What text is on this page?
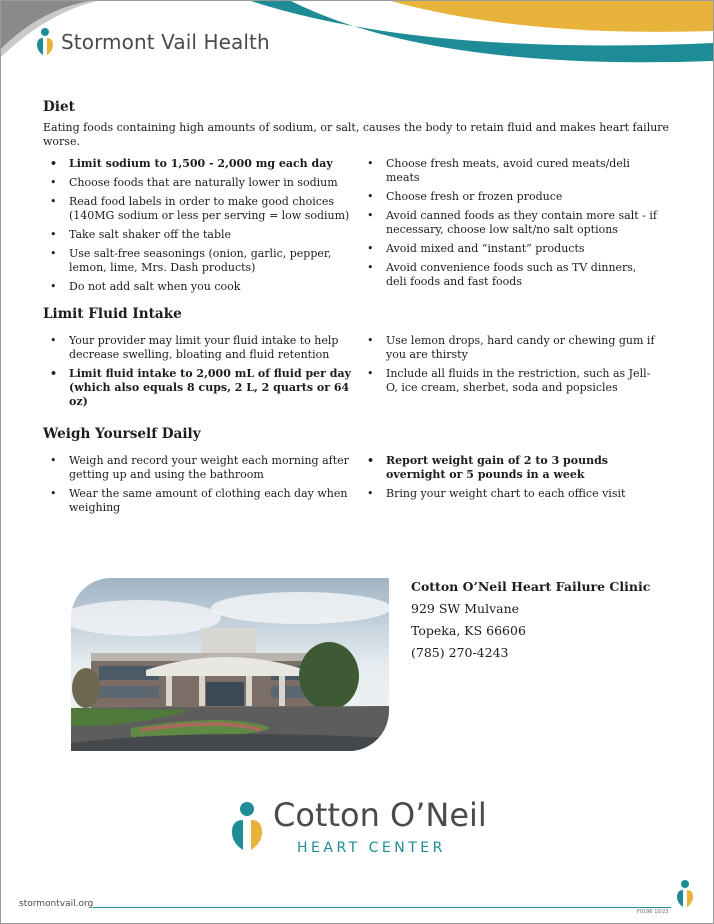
Stormont Vail Health
Diet

Eating foods containing high amounts of sodium, or salt, causes the body to retain fluid and makes heart failure worse.

• Limit sodium to 1,500 - 2,000 mg each day
• Choose foods that are naturally lower in sodium
• Read food labels in order to make good choices (140MG sodium or less per serving = low sodium)
• Take salt shaker off the table
• Use salt-free seasonings (onion, garlic, pepper, lemon, lime, Mrs. Dash products)
• Do not add salt when you cook
• Choose fresh meats, avoid cured meats/deli meats
• Choose fresh or frozen produce
• Avoid canned foods as they contain more salt - if necessary, choose low salt/no salt options
• Avoid mixed and “instant” products
• Avoid convenience foods such as TV dinners, deli foods and fast foods
Limit Fluid Intake
• Your provider may limit your fluid intake to help decrease swelling, bloating and fluid retention
• Limit fluid intake to 2,000 mL of fluid per day (which also equals 8 cups, 2 L, 2 quarts or 64 oz)
• Use lemon drops, hard candy or chewing gum if you are thirsty
• Include all fluids in the restriction, such as Jell-O, ice cream, sherbet, soda and popsicles
Weigh Yourself Daily
• Weigh and record your weight each morning after getting up and using the bathroom
• Wear the same amount of clothing each day when weighing
• Report weight gain of 2 to 3 pounds overnight or 5 pounds in a week
• Bring your weight chart to each office visit
Cotton O’Neil Heart Failure Clinic
929 SW Mulvane
Topeka, KS 66606
(785) 270-4243
Cotton O’Neil
HEART CENTER
stormontvail.org
F0196 10/23
